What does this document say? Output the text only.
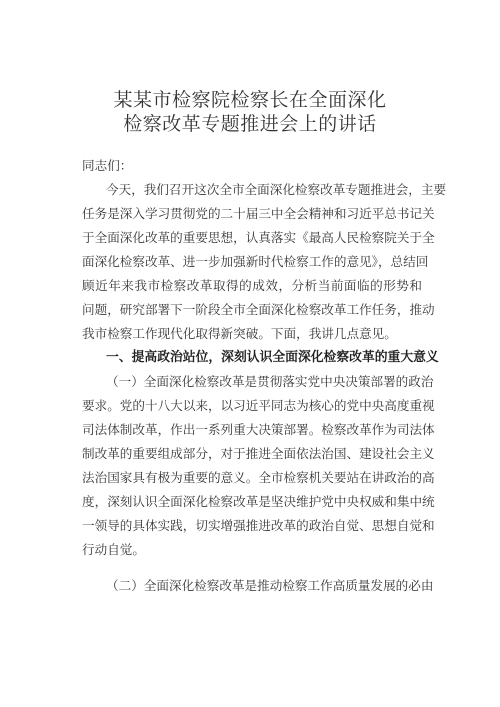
某某市检察院检察长在全面深化
检察改革专题推进会上的讲话
同志们：
今天，我们召开这次全市全面深化检察改革专题推进会，主要
任务是深入学习贯彻党的二十届三中全会精神和习近平总书记关
于全面深化改革的重要思想，认真落实《最高人民检察院关于全
面深化检察改革、进一步加强新时代检察工作的意见》，总结回
顾近年来我市检察改革取得的成效，分析当前面临的形势和
问题，研究部署下一阶段全市全面深化检察改革工作任务，推动
我市检察工作现代化取得新突破。下面，我讲几点意见。
一、提高政治站位，深刻认识全面深化检察改革的重大意义
（一）全面深化检察改革是贯彻落实党中央决策部署的政治
要求。党的十八大以来，以习近平同志为核心的党中央高度重视
司法体制改革，作出一系列重大决策部署。检察改革作为司法体
制改革的重要组成部分，对于推进全面依法治国、建设社会主义
法治国家具有极为重要的意义。全市检察机关要站在讲政治的高
度，深刻认识全面深化检察改革是坚决维护党中央权威和集中统
一领导的具体实践，切实增强推进改革的政治自觉、思想自觉和
行动自觉。
（二）全面深化检察改革是推动检察工作高质量发展的必由
